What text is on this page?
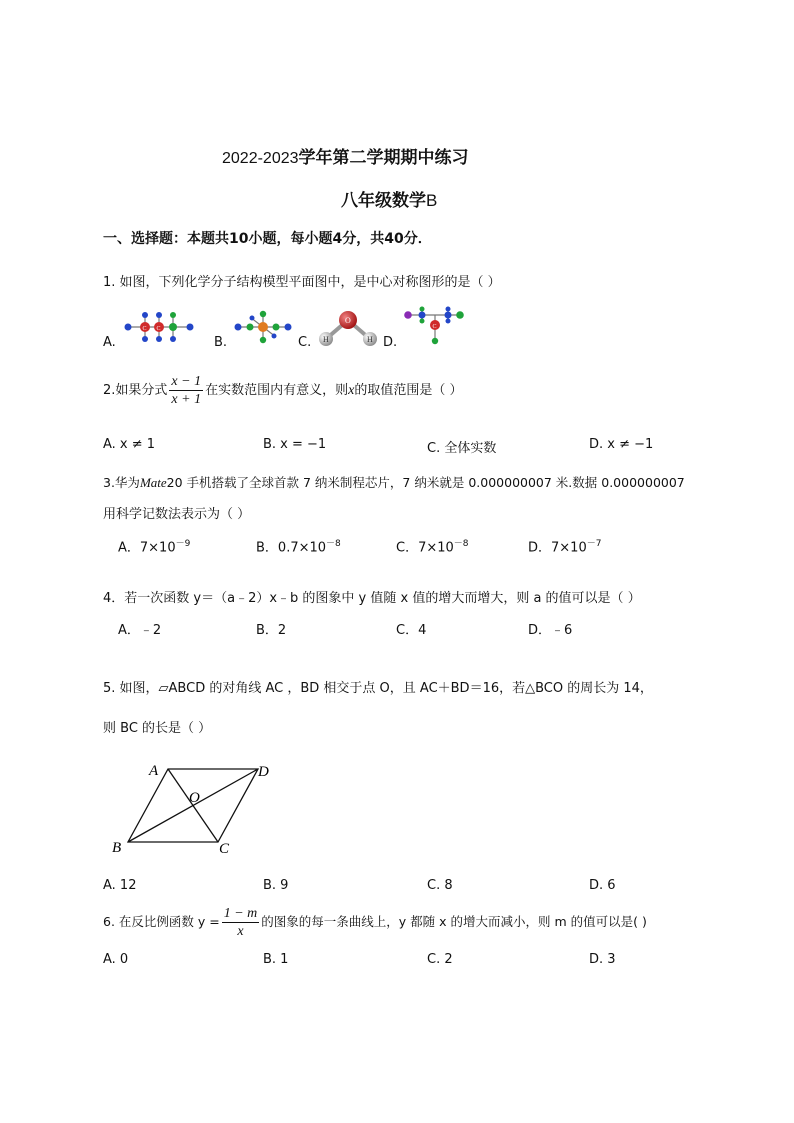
2022-2023学年第二学期期中练习
八年级数学B
一、选择题：本题共10小题，每小题4分，共40分．
1. 如图，下列化学分子结构模型平面图中，是中心对称图形的是（ ）
A.
C C
B.	C.
O
H	H D.
C
2.如果分式 $\frac{x - 1}{x + 1}$ 在实数范围内有意义，则x的取值范围是（ ）
A. x ≠ 1	B. x = −1	C. 全体实数	D. x ≠ −1
3.华为Mate20 手机搭载了全球首款 7 纳米制程芯片，7 纳米就是 0.000000007 米.数据 0.000000007
用科学记数法表示为（ ）
A．$7\times 10^{-9}$	B．$0.7\times 10^{-8}$	C．$7\times 10^{-8}$	D．$7\times 10^{-7}$
4．若一次函数 y＝（a﹣2）x﹣b 的图象中 y 值随 x 值的增大而增大，则 a 的值可以是（ ）
A．﹣2	B．2	C．4	D．﹣6
5. 如图，▱ABCD 的对角线 AC ，BD 相交于点 O，且 AC＋BD＝16，若△BCO 的周长为 14，
则 BC 的长是（ ）
A	D
O
B	C
A. 12	B. 9	C. 8	D. 6
6. 在反比例函数 $y = \frac{1 - m}{x}$ 的图象的每一条曲线上，y 都随 x 的增大而减小，则 m 的值可以是( )
A. 0	B. 1	C. 2	D. 3
